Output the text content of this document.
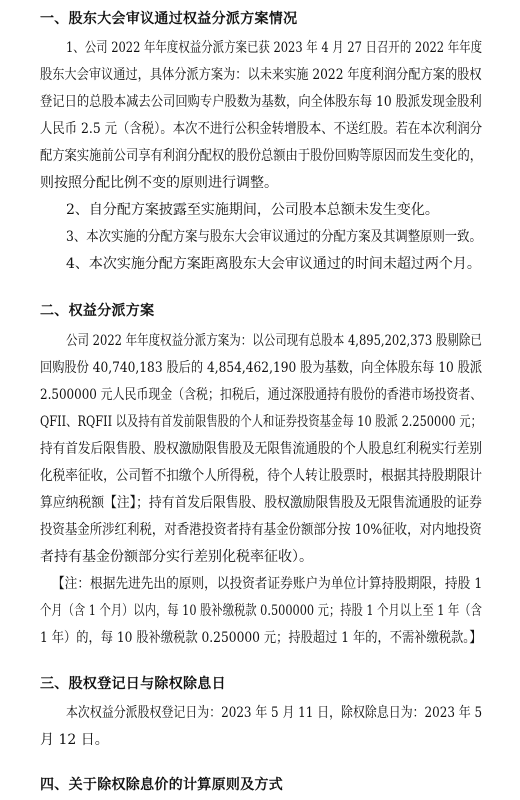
一、股东大会审议通过权益分派方案情况
1、公司 2022 年年度权益分派方案已获 2023 年 4 月 27 日召开的 2022 年年度
股东大会审议通过，具体分派方案为：以未来实施 2022 年度利润分配方案的股权
登记日的总股本减去公司回购专户股数为基数，向全体股东每 10 股派发现金股利
人民币 2.5 元（含税）。本次不进行公积金转增股本、不送红股。若在本次利润分
配方案实施前公司享有利润分配权的股份总额由于股份回购等原因而发生变化的，
则按照分配比例不变的原则进行调整。
2、自分配方案披露至实施期间，公司股本总额未发生变化。
3、本次实施的分配方案与股东大会审议通过的分配方案及其调整原则一致。
4、本次实施分配方案距离股东大会审议通过的时间未超过两个月。
二、权益分派方案
公司 2022 年年度权益分派方案为：以公司现有总股本 4,895,202,373 股剔除已
回购股份 40,740,183 股后的 4,854,462,190 股为基数，向全体股东每 10 股派
2.500000 元人民币现金（含税；扣税后，通过深股通持有股份的香港市场投资者、
QFII、RQFII 以及持有首发前限售股的个人和证券投资基金每 10 股派 2.250000 元；
持有首发后限售股、股权激励限售股及无限售流通股的个人股息红利税实行差别
化税率征收，公司暂不扣缴个人所得税，待个人转让股票时，根据其持股期限计
算应纳税额【注】；持有首发后限售股、股权激励限售股及无限售流通股的证券
投资基金所涉红利税，对香港投资者持有基金份额部分按 10%征收，对内地投资
者持有基金份额部分实行差别化税率征收）。
【注：根据先进先出的原则，以投资者证券账户为单位计算持股期限，持股 1
个月（含 1 个月）以内，每 10 股补缴税款 0.500000 元；持股 1 个月以上至 1 年（含
1 年）的，每 10 股补缴税款 0.250000 元；持股超过 1 年的，不需补缴税款。】
三、股权登记日与除权除息日
本次权益分派股权登记日为：2023 年 5 月 11 日，除权除息日为：2023 年 5
月 12 日。
四、关于除权除息价的计算原则及方式
